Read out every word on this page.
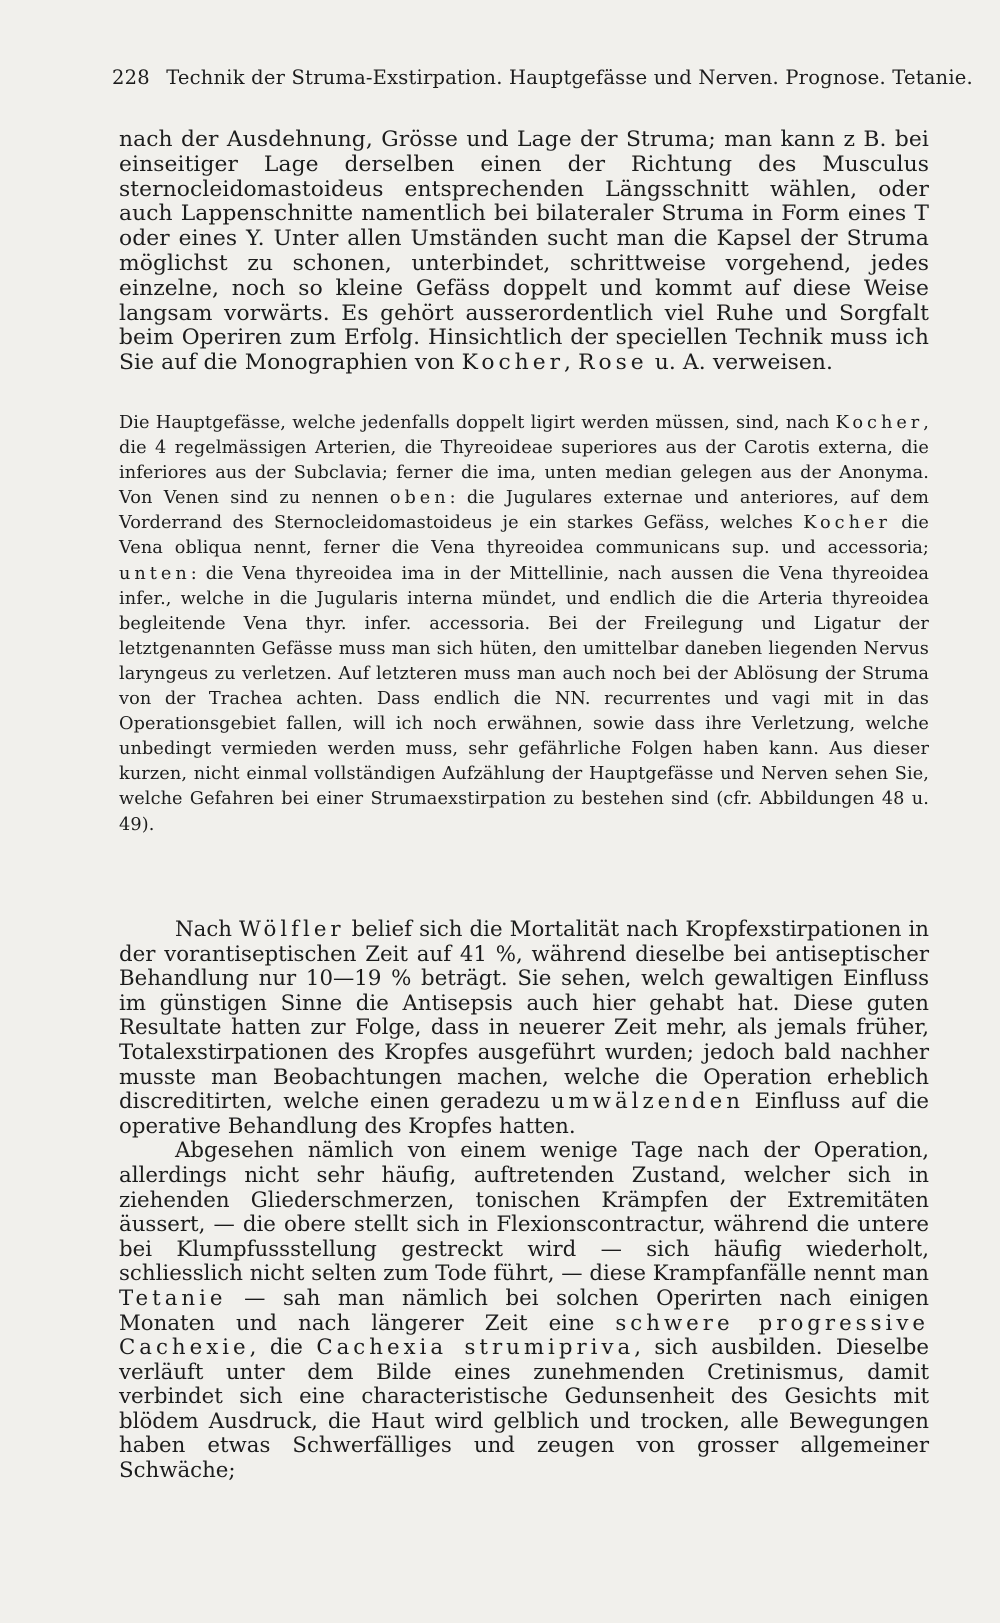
228 Technik der Struma-Exstirpation. Hauptgefässe und Nerven. Prognose. Tetanie.

nach der Ausdehnung, Grösse und Lage der Struma; man kann z B. bei einseitiger Lage derselben einen der Richtung des Musculus sternocleidomastoideus entsprechenden Längsschnitt wählen, oder auch Lappenschnitte namentlich bei bilateraler Struma in Form eines T oder eines Y. Unter allen Umständen sucht man die Kapsel der Struma möglichst zu schonen, unterbindet, schrittweise vorgehend, jedes einzelne, noch so kleine Gefäss doppelt und kommt auf diese Weise langsam vorwärts. Es gehört ausserordentlich viel Ruhe und Sorgfalt beim Operiren zum Erfolg. Hinsichtlich der speciellen Technik muss ich Sie auf die Monographien von Kocher, Rose u. A. verweisen.

Die Hauptgefässe, welche jedenfalls doppelt ligirt werden müssen, sind, nach Kocher, die 4 regelmässigen Arterien, die Thyreoideae superiores aus der Carotis externa, die inferiores aus der Subclavia; ferner die ima, unten median gelegen aus der Anonyma. Von Venen sind zu nennen oben: die Jugulares externae und anteriores, auf dem Vorderrand des Sternocleidomastoideus je ein starkes Gefäss, welches Kocher die Vena obliqua nennt, ferner die Vena thyreoidea communicans sup. und accessoria; unten: die Vena thyreoidea ima in der Mittellinie, nach aussen die Vena thyreoidea infer., welche in die Jugularis interna mündet, und endlich die die Arteria thyreoidea begleitende Vena thyr. infer. accessoria. Bei der Freilegung und Ligatur der letztgenannten Gefässe muss man sich hüten, den umittelbar daneben liegenden Nervus laryngeus zu verletzen. Auf letzteren muss man auch noch bei der Ablösung der Struma von der Trachea achten. Dass endlich die NN. recurrentes und vagi mit in das Operationsgebiet fallen, will ich noch erwähnen, sowie dass ihre Verletzung, welche unbedingt vermieden werden muss, sehr gefährliche Folgen haben kann. Aus dieser kurzen, nicht einmal vollständigen Aufzählung der Hauptgefässe und Nerven sehen Sie, welche Gefahren bei einer Strumaexstirpation zu bestehen sind (cfr. Abbildungen 48 u. 49).

Nach Wölfler belief sich die Mortalität nach Kropfexstirpationen in der vorantiseptischen Zeit auf 41 %, während dieselbe bei antiseptischer Behandlung nur 10—19 % beträgt. Sie sehen, welch gewaltigen Einfluss im günstigen Sinne die Antisepsis auch hier gehabt hat. Diese guten Resultate hatten zur Folge, dass in neuerer Zeit mehr, als jemals früher, Totalexstirpationen des Kropfes ausgeführt wurden; jedoch bald nachher musste man Beobachtungen machen, welche die Operation erheblich discreditirten, welche einen geradezu umwälzenden Einfluss auf die operative Behandlung des Kropfes hatten.

Abgesehen nämlich von einem wenige Tage nach der Operation, allerdings nicht sehr häufig, auftretenden Zustand, welcher sich in ziehenden Gliederschmerzen, tonischen Krämpfen der Extremitäten äussert, — die obere stellt sich in Flexionscontractur, während die untere bei Klumpfussstellung gestreckt wird — sich häufig wiederholt, schliesslich nicht selten zum Tode führt, — diese Krampfanfälle nennt man Tetanie — sah man nämlich bei solchen Operirten nach einigen Monaten und nach längerer Zeit eine schwere progressive Cachexie, die Cachexia strumipriva, sich ausbilden. Dieselbe verläuft unter dem Bilde eines zunehmenden Cretinismus, damit verbindet sich eine characteristische Gedunsenheit des Gesichts mit blödem Ausdruck, die Haut wird gelblich und trocken, alle Bewegungen haben etwas Schwerfälliges und zeugen von grosser allgemeiner Schwäche;
